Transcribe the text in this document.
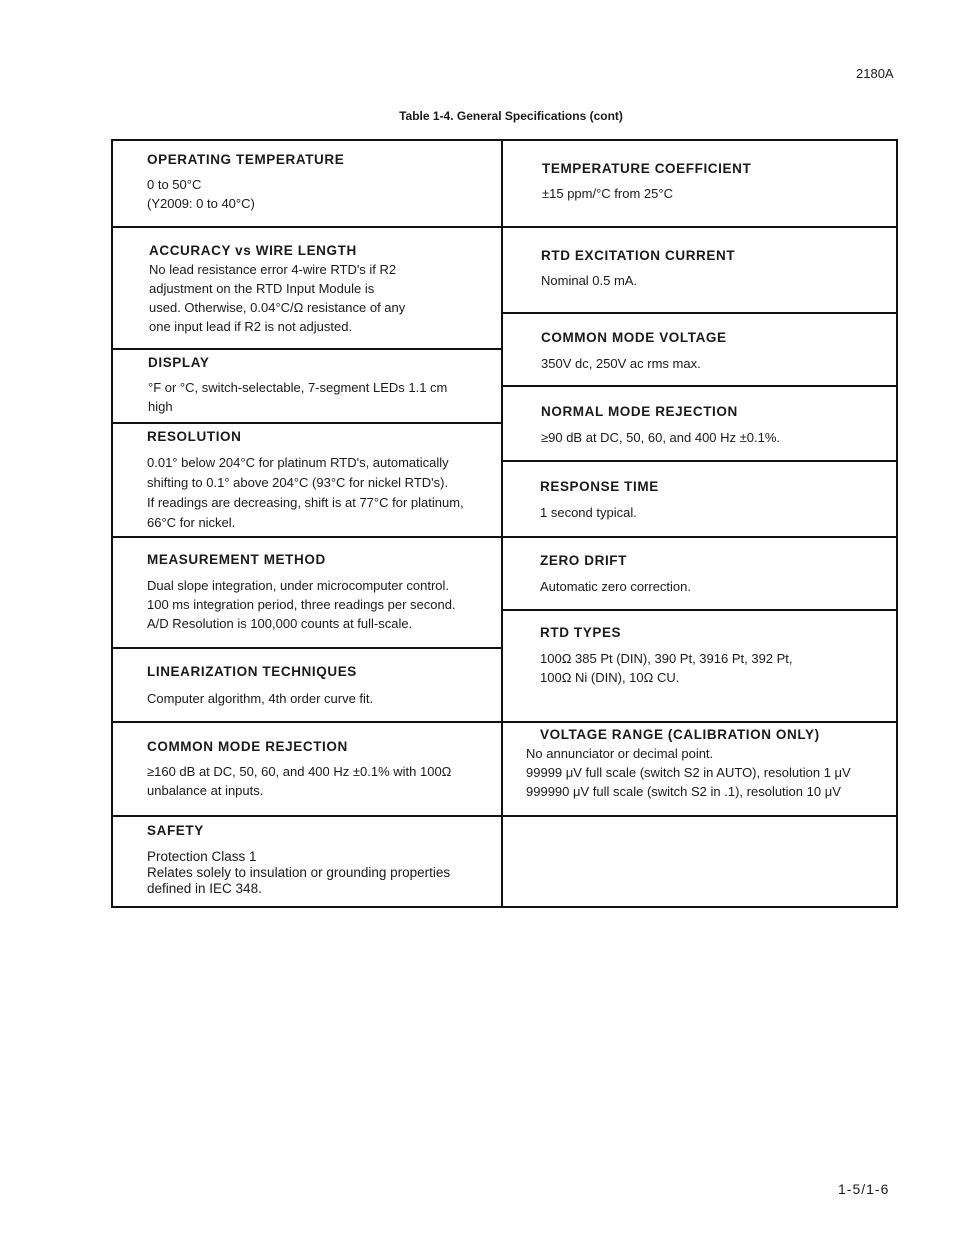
2180A
Table 1-4. General Specifications (cont)
OPERATING TEMPERATURE
0 to 50°C
(Y2009: 0 to 40°C)
ACCURACY vs WIRE LENGTH
No lead resistance error 4-wire RTD's if R2
adjustment on the RTD Input Module is
used. Otherwise, 0.04°C/Ω resistance of any
one input lead if R2 is not adjusted.
DISPLAY
°F or °C, switch-selectable, 7-segment LEDs 1.1 cm
high
RESOLUTION
0.01° below 204°C for platinum RTD's, automatically
shifting to 0.1° above 204°C (93°C for nickel RTD's).
If readings are decreasing, shift is at 77°C for platinum,
66°C for nickel.
MEASUREMENT METHOD
Dual slope integration, under microcomputer control.
100 ms integration period, three readings per second.
A/D Resolution is 100,000 counts at full-scale.
LINEARIZATION TECHNIQUES
Computer algorithm, 4th order curve fit.
COMMON MODE REJECTION
≥160 dB at DC, 50, 60, and 400 Hz ±0.1% with 100Ω
unbalance at inputs.
SAFETY
Protection Class 1
Relates solely to insulation or grounding properties
defined in IEC 348.
TEMPERATURE COEFFICIENT
±15 ppm/°C from 25°C
RTD EXCITATION CURRENT
Nominal 0.5 mA.
COMMON MODE VOLTAGE
350V dc, 250V ac rms max.
NORMAL MODE REJECTION
≥90 dB at DC, 50, 60, and 400 Hz ±0.1%.
RESPONSE TIME
1 second typical.
ZERO DRIFT
Automatic zero correction.
RTD TYPES
100Ω 385 Pt (DIN), 390 Pt, 3916 Pt, 392 Pt,
100Ω Ni (DIN), 10Ω CU.
VOLTAGE RANGE (CALIBRATION ONLY)
No annunciator or decimal point.
99999 μV full scale (switch S2 in AUTO), resolution 1 μV
999990 μV full scale (switch S2 in .1), resolution 10 μV
1-5/1-6
